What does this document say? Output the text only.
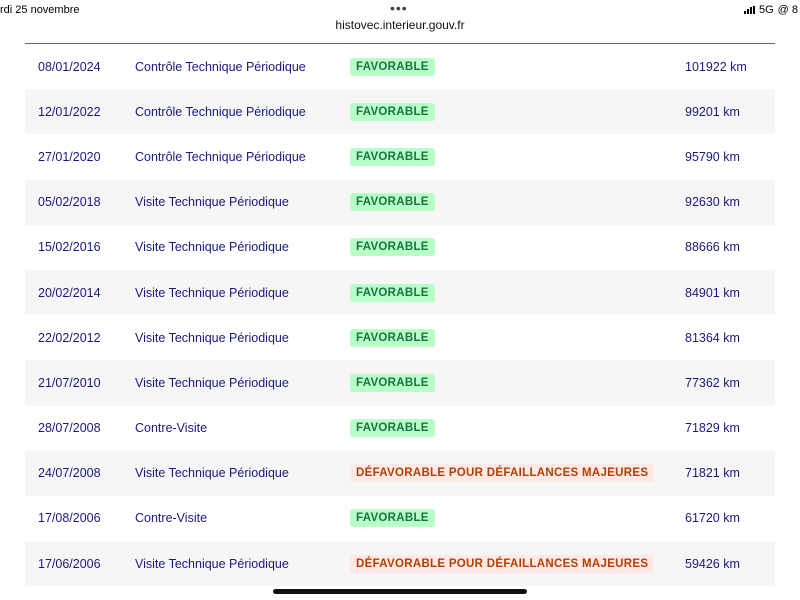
rdi 25 novembre	•••	5G @ 8
histovec.interieur.gouv.fr
08/01/2024	Contrôle Technique Périodique	FAVORABLE	101922 km
12/01/2022	Contrôle Technique Périodique	FAVORABLE	99201 km
27/01/2020	Contrôle Technique Périodique	FAVORABLE	95790 km
05/02/2018	Visite Technique Périodique	FAVORABLE	92630 km
15/02/2016	Visite Technique Périodique	FAVORABLE	88666 km
20/02/2014	Visite Technique Périodique	FAVORABLE	84901 km
22/02/2012	Visite Technique Périodique	FAVORABLE	81364 km
21/07/2010	Visite Technique Périodique	FAVORABLE	77362 km
28/07/2008	Contre-Visite	FAVORABLE	71829 km
24/07/2008	Visite Technique Périodique	DÉFAVORABLE POUR DÉFAILLANCES MAJEURES	71821 km
17/08/2006	Contre-Visite	FAVORABLE	61720 km
17/06/2006	Visite Technique Périodique	DÉFAVORABLE POUR DÉFAILLANCES MAJEURES	59426 km
